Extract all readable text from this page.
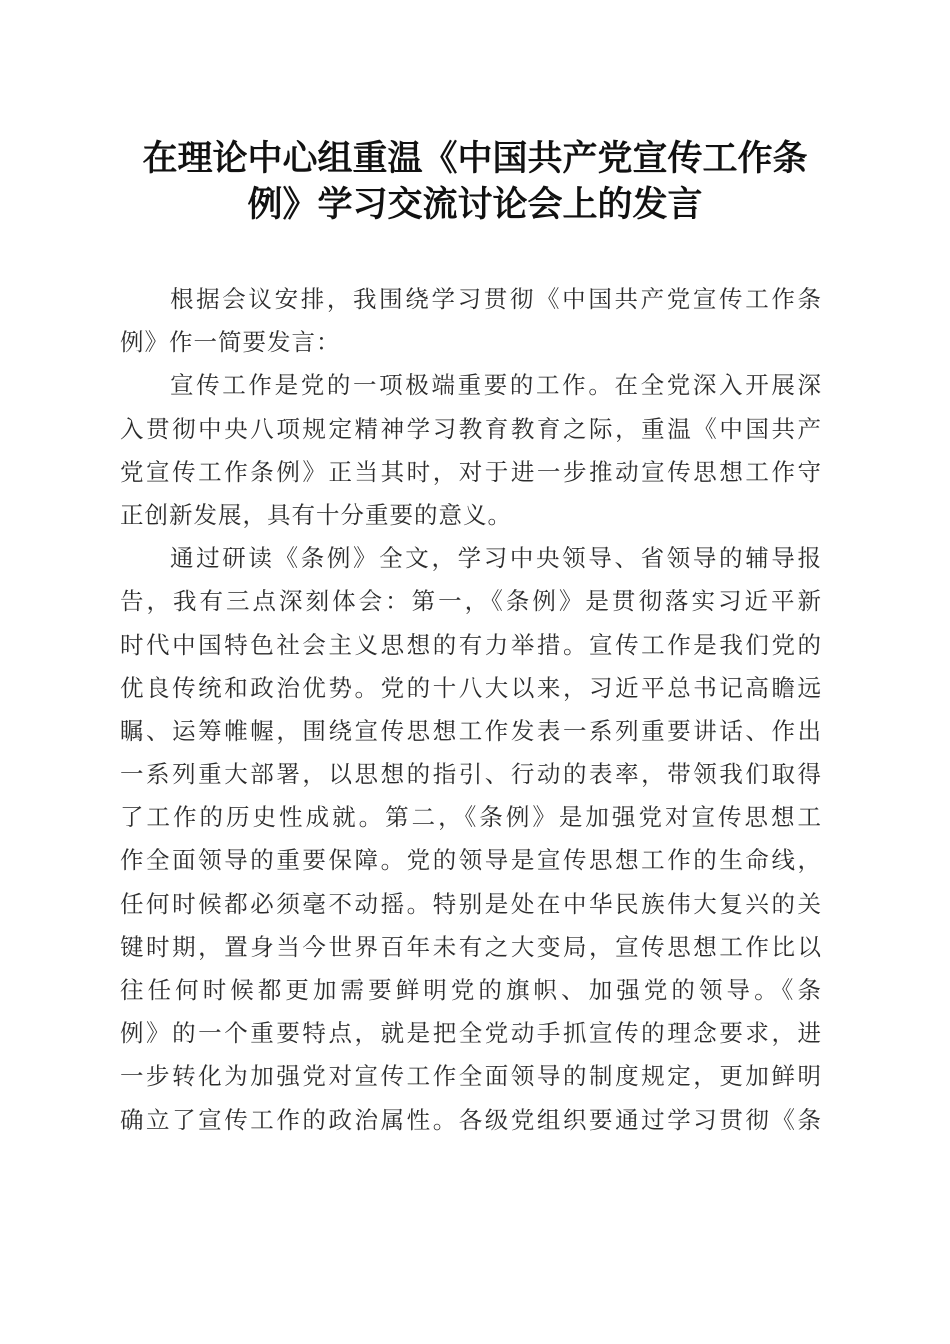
在理论中心组重温《中国共产党宣传工作条
例》学习交流讨论会上的发言
根据会议安排，我围绕学习贯彻《中国共产党宣传工作条
例》作一简要发言：
宣传工作是党的一项极端重要的工作。在全党深入开展深
入贯彻中央八项规定精神学习教育教育之际，重温《中国共产
党宣传工作条例》正当其时，对于进一步推动宣传思想工作守
正创新发展，具有十分重要的意义。
通过研读《条例》全文，学习中央领导、省领导的辅导报
告，我有三点深刻体会：第一，《条例》是贯彻落实习近平新
时代中国特色社会主义思想的有力举措。宣传工作是我们党的
优良传统和政治优势。党的十八大以来，习近平总书记高瞻远
瞩、运筹帷幄，围绕宣传思想工作发表一系列重要讲话、作出
一系列重大部署，以思想的指引、行动的表率，带领我们取得
了工作的历史性成就。第二，《条例》是加强党对宣传思想工
作全面领导的重要保障。党的领导是宣传思想工作的生命线，
任何时候都必须毫不动摇。特别是处在中华民族伟大复兴的关
键时期，置身当今世界百年未有之大变局，宣传思想工作比以
往任何时候都更加需要鲜明党的旗帜、加强党的领导。《条
例》的一个重要特点，就是把全党动手抓宣传的理念要求，进
一步转化为加强党对宣传工作全面领导的制度规定，更加鲜明
确立了宣传工作的政治属性。各级党组织要通过学习贯彻《条
